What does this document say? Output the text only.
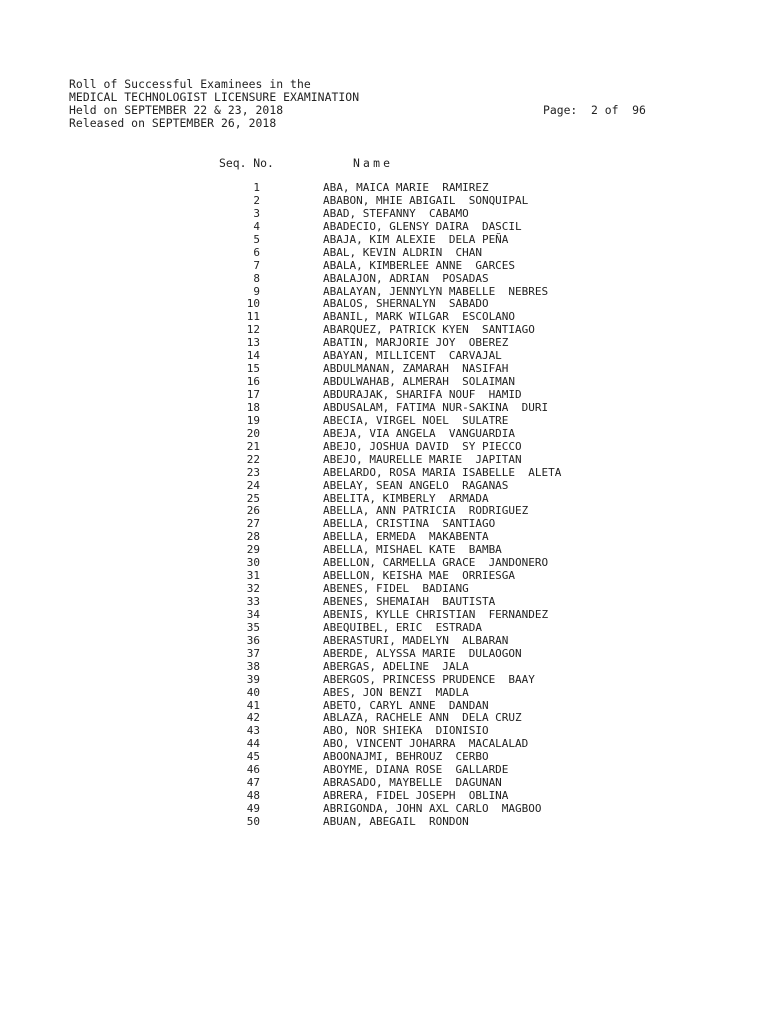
Roll of Successful Examinees in the
MEDICAL TECHNOLOGIST LICENSURE EXAMINATION
Held on SEPTEMBER 22 & 23, 2018
Released on SEPTEMBER 26, 2018
Page:  2 of  96
Seq. No.	Name
1	ABA, MAICA MARIE  RAMIREZ
2	ABABON, MHIE ABIGAIL  SONQUIPAL
3	ABAD, STEFANNY  CABAMO
4	ABADECIO, GLENSY DAIRA  DASCIL
5	ABAJA, KIM ALEXIE  DELA PEÑA
6	ABAL, KEVIN ALDRIN  CHAN
7	ABALA, KIMBERLEE ANNE  GARCES
8	ABALAJON, ADRIAN  POSADAS
9	ABALAYAN, JENNYLYN MABELLE  NEBRES
10	ABALOS, SHERNALYN  SABADO
11	ABANIL, MARK WILGAR  ESCOLANO
12	ABARQUEZ, PATRICK KYEN  SANTIAGO
13	ABATIN, MARJORIE JOY  OBEREZ
14	ABAYAN, MILLICENT  CARVAJAL
15	ABDULMANAN, ZAMARAH  NASIFAH
16	ABDULWAHAB, ALMERAH  SOLAIMAN
17	ABDURAJAK, SHARIFA NOUF  HAMID
18	ABDUSALAM, FATIMA NUR-SAKINA  DURI
19	ABECIA, VIRGEL NOEL  SULATRE
20	ABEJA, VIA ANGELA  VANGUARDIA
21	ABEJO, JOSHUA DAVID  SY PIECCO
22	ABEJO, MAURELLE MARIE  JAPITAN
23	ABELARDO, ROSA MARIA ISABELLE  ALETA
24	ABELAY, SEAN ANGELO  RAGANAS
25	ABELITA, KIMBERLY  ARMADA
26	ABELLA, ANN PATRICIA  RODRIGUEZ
27	ABELLA, CRISTINA  SANTIAGO
28	ABELLA, ERMEDA  MAKABENTA
29	ABELLA, MISHAEL KATE  BAMBA
30	ABELLON, CARMELLA GRACE  JANDONERO
31	ABELLON, KEISHA MAE  ORRIESGA
32	ABENES, FIDEL  BADIANG
33	ABENES, SHEMAIAH  BAUTISTA
34	ABENIS, KYLLE CHRISTIAN  FERNANDEZ
35	ABEQUIBEL, ERIC  ESTRADA
36	ABERASTURI, MADELYN  ALBARAN
37	ABERDE, ALYSSA MARIE  DULAOGON
38	ABERGAS, ADELINE  JALA
39	ABERGOS, PRINCESS PRUDENCE  BAAY
40	ABES, JON BENZI  MADLA
41	ABETO, CARYL ANNE  DANDAN
42	ABLAZA, RACHELE ANN  DELA CRUZ
43	ABO, NOR SHIEKA  DIONISIO
44	ABO, VINCENT JOHARRA  MACALALAD
45	ABOONAJMI, BEHROUZ  CERBO
46	ABOYME, DIANA ROSE  GALLARDE
47	ABRASADO, MAYBELLE  DAGUNAN
48	ABRERA, FIDEL JOSEPH  OBLINA
49	ABRIGONDA, JOHN AXL CARLO  MAGBOO
50	ABUAN, ABEGAIL  RONDON
